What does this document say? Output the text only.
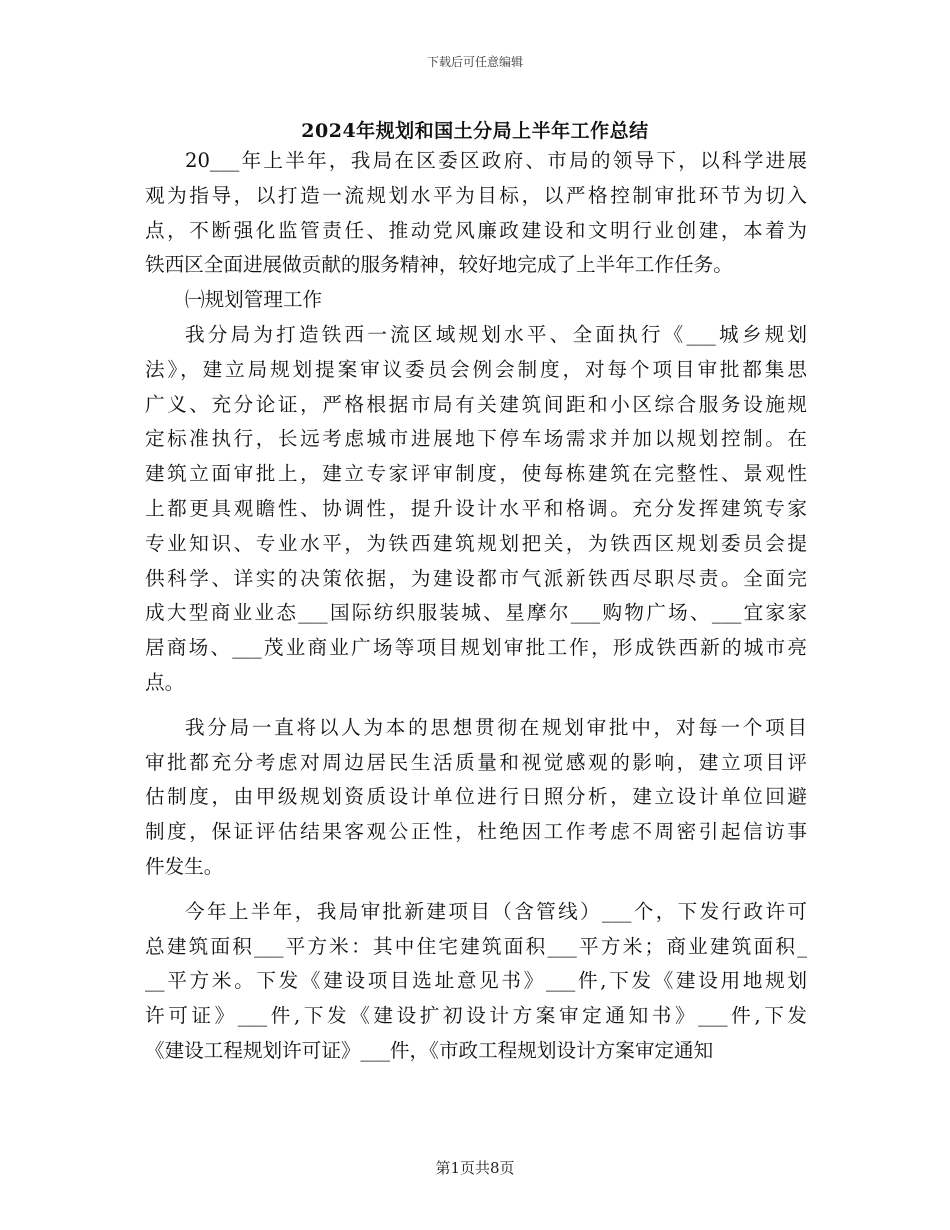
下载后可任意编辑
2024年规划和国土分局上半年工作总结
20___年上半年，我局在区委区政府、市局的领导下，以科学进展
观为指导，以打造一流规划水平为目标，以严格控制审批环节为切入
点，不断强化监管责任、推动党风廉政建设和文明行业创建，本着为
铁西区全面进展做贡献的服务精神，较好地完成了上半年工作任务。
㈠规划管理工作
我分局为打造铁西一流区域规划水平、全面执行《___城乡规划
法》，建立局规划提案审议委员会例会制度，对每个项目审批都集思
广义、充分论证，严格根据市局有关建筑间距和小区综合服务设施规
定标准执行，长远考虑城市进展地下停车场需求并加以规划控制。在
建筑立面审批上，建立专家评审制度，使每栋建筑在完整性、景观性
上都更具观瞻性、协调性，提升设计水平和格调。充分发挥建筑专家
专业知识、专业水平，为铁西建筑规划把关，为铁西区规划委员会提
供科学、详实的决策依据，为建设都市气派新铁西尽职尽责。全面完
成大型商业业态___国际纺织服装城、星摩尔___购物广场、___宜家家
居商场、___茂业商业广场等项目规划审批工作，形成铁西新的城市亮
点。
我分局一直将以人为本的思想贯彻在规划审批中，对每一个项目
审批都充分考虑对周边居民生活质量和视觉感观的影响，建立项目评
估制度，由甲级规划资质设计单位进行日照分析，建立设计单位回避
制度，保证评估结果客观公正性，杜绝因工作考虑不周密引起信访事
件发生。
今年上半年，我局审批新建项目（含管线）___个，下发行政许可
总建筑面积___平方米：其中住宅建筑面积___平方米；商业建筑面积_
__平方米。下发《建设项目选址意见书》___件,下发《建设用地规划
许可证》___件,下发《建设扩初设计方案审定通知书》___件,下发
《建设工程规划许可证》___件，《市政工程规划设计方案审定通知
第1页共8页
